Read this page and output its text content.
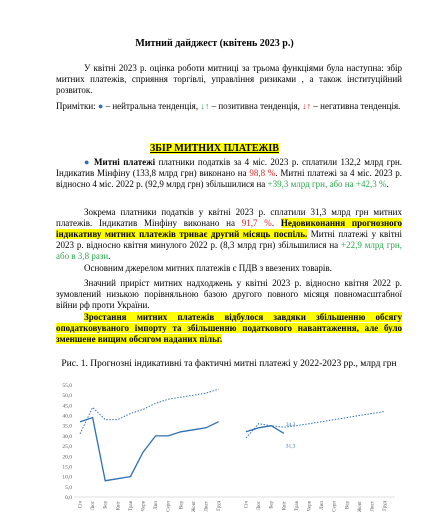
Митний дайджест (квітень 2023 р.)
У квітні 2023 р. оцінка роботи митниці за трьома функціями була наступна: збір митних платежів, сприяння торгівлі, управління ризиками , а також інституційний розвиток.
Примітки: ● – нейтральна тенденція, ↓↑ – позитивна тенденція, ↓↑ – негативна тенденція.
ЗБІР МИТНИХ ПЛАТЕЖІВ
● Митні платежі платники податків за 4 міс. 2023 р. сплатили 132,2 млрд грн. Індикатив Мінфіну (133,8 млрд грн) виконано на 98,8 %. Митні платежі за 4 міс. 2023 р. відносно 4 міс. 2022 р. (92,9 млрд грн) збільшилися на +39,3 млрд грн, або на +42,3 %.
Зокрема платники податків у квітні 2023 р. сплатили 31,3 млрд грн митних платежів. Індикатив Мінфіну виконано на 91,7 %. Недовиконання прогнозного індикативу митних платежів триває другий місяць поспіль. Митні платежі у квітні 2023 р. відносно квітня минулого 2022 р. (8,3 млрд грн) збільшилися на +22,9 млрд грн, або в 3,8 рази.
Основним джерелом митних платежів є ПДВ з ввезених товарів.
Значний приріст митних надходжень у квітні 2023 р. відносно квітня 2022 р. зумовлений низькою порівняльною базою другого повного місяця повномасштабної війни рф проти України.
Зростання митних платежів відбулося завдяки збільшенню обсягу оподатковуваного імпорту та збільшенню податкового навантаження, але було зменшене вищим обсягом наданих пільг.
Рис. 1. Прогнозні індикативні та фактичні митні платежі у 2022-2023 рр., млрд грн
0,0
5,0
10,0
15,0
20,0
25,0
30,0
35,0
40,0
45,0
50,0
55,0
34,3
31,3
Січ Лют Бер Квіт Трав Черв Лип Серп Вер Жовт Лист Груд	Січ Лют Бер Квіт Трав Черв Лип Серп Вер Жовт Лист Груд
